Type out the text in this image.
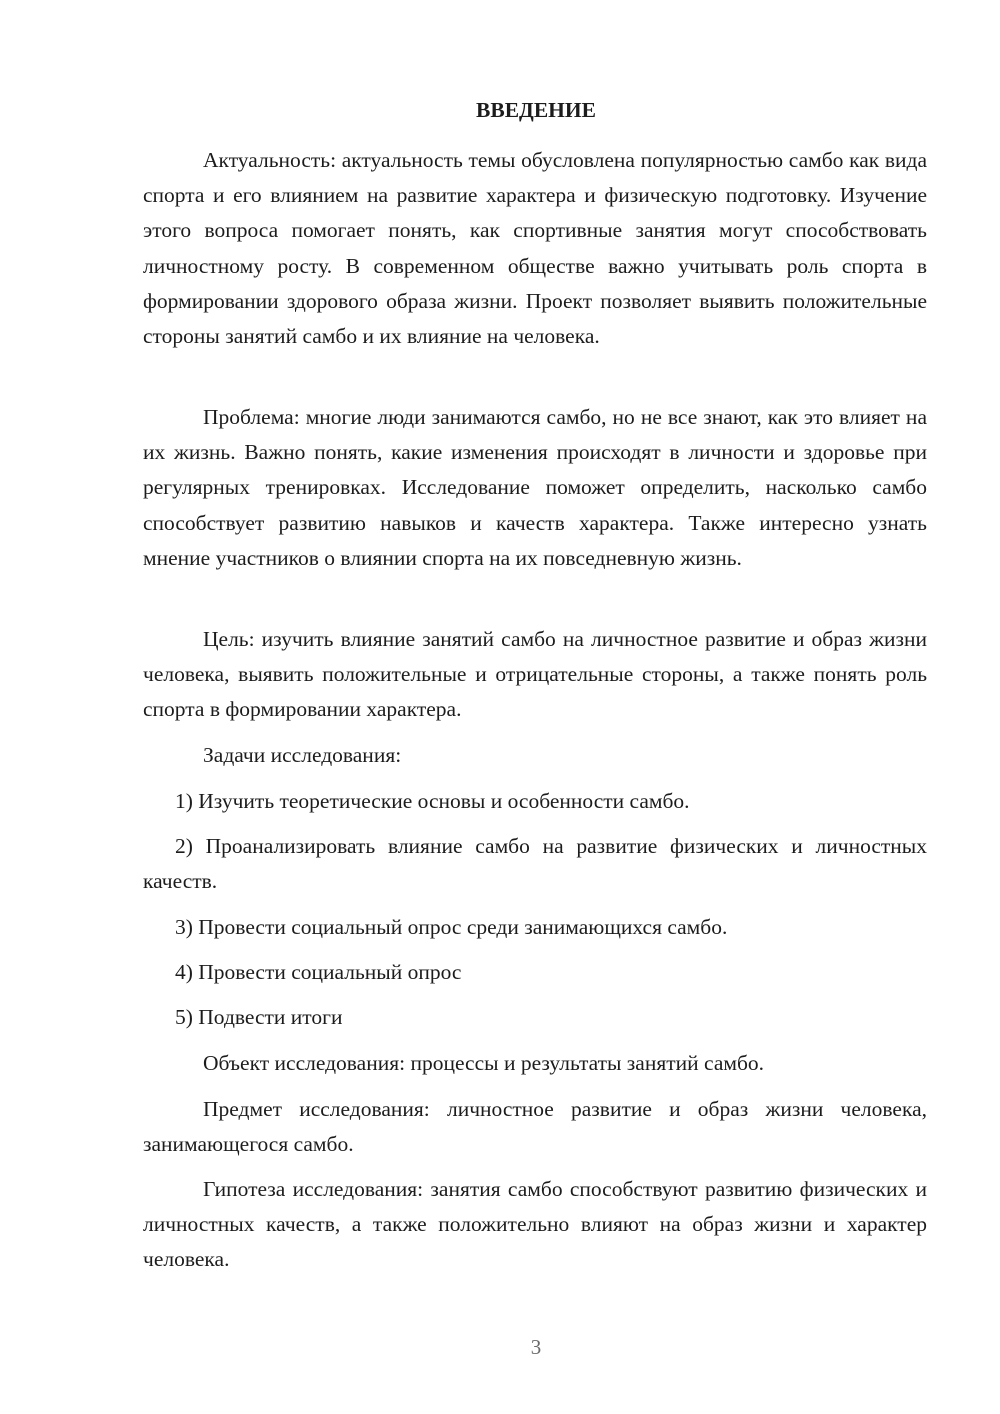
ВВЕДЕНИЕ

Актуальность: актуальность темы обусловлена популярностью самбо как вида спорта и его влиянием на развитие характера и физическую подготовку. Изучение этого вопроса помогает понять, как спортивные занятия могут способствовать личностному росту. В современном обществе важно учитывать роль спорта в формировании здорового образа жизни. Проект позволяет выявить положительные стороны занятий самбо и их влияние на человека.

Проблема: многие люди занимаются самбо, но не все знают, как это влияет на их жизнь. Важно понять, какие изменения происходят в личности и здоровье при регулярных тренировках. Исследование поможет определить, насколько самбо способствует развитию навыков и качеств характера. Также интересно узнать мнение участников о влиянии спорта на их повседневную жизнь.

Цель: изучить влияние занятий самбо на личностное развитие и образ жизни человека, выявить положительные и отрицательные стороны, а также понять роль спорта в формировании характера.

Задачи исследования:

1) Изучить теоретические основы и особенности самбо.

2) Проанализировать влияние самбо на развитие физических и личностных качеств.

3) Провести социальный опрос среди занимающихся самбо.

4) Провести социальный опрос

5) Подвести итоги

Объект исследования: процессы и результаты занятий самбо.

Предмет исследования: личностное развитие и образ жизни человека, занимающегося самбо.

Гипотеза исследования: занятия самбо способствуют развитию физических и личностных качеств, а также положительно влияют на образ жизни и характер человека.

3
